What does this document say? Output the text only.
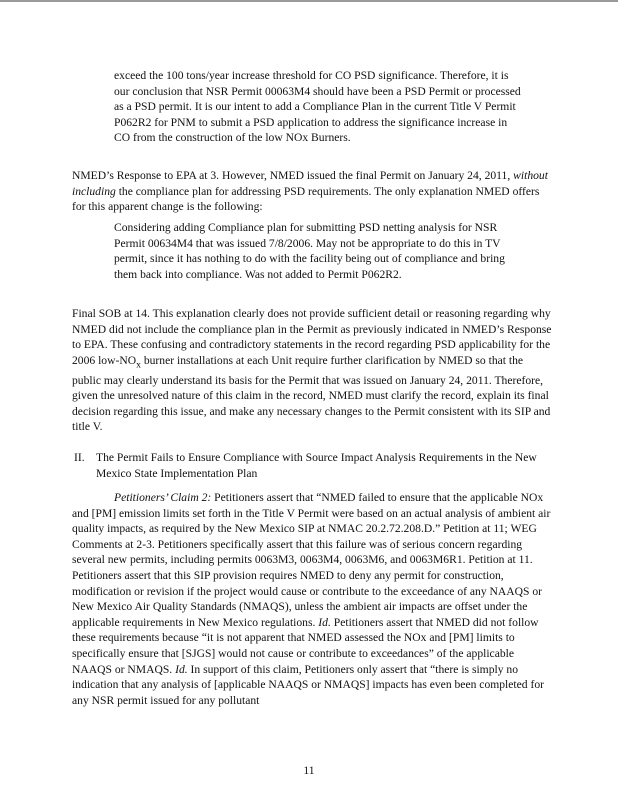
exceed the 100 tons/year increase threshold for CO PSD significance. Therefore, it is our conclusion that NSR Permit 00063M4 should have been a PSD Permit or processed as a PSD permit. It is our intent to add a Compliance Plan in the current Title V Permit P062R2 for PNM to submit a PSD application to address the significance increase in CO from the construction of the low NOx Burners.

NMED’s Response to EPA at 3. However, NMED issued the final Permit on January 24, 2011, without including the compliance plan for addressing PSD requirements. The only explanation NMED offers for this apparent change is the following:

Considering adding Compliance plan for submitting PSD netting analysis for NSR Permit 00634M4 that was issued 7/8/2006. May not be appropriate to do this in TV permit, since it has nothing to do with the facility being out of compliance and bring them back into compliance. Was not added to Permit P062R2.

Final SOB at 14. This explanation clearly does not provide sufficient detail or reasoning regarding why NMED did not include the compliance plan in the Permit as previously indicated in NMED’s Response to EPA. These confusing and contradictory statements in the record regarding PSD applicability for the 2006 low-$NO_x$ burner installations at each Unit require further clarification by NMED so that the public may clearly understand its basis for the Permit that was issued on January 24, 2011. Therefore, given the unresolved nature of this claim in the record, NMED must clarify the record, explain its final decision regarding this issue, and make any necessary changes to the Permit consistent with its SIP and title V.

II. The Permit Fails to Ensure Compliance with Source Impact Analysis Requirements in the New Mexico State Implementation Plan

Petitioners’ Claim 2: Petitioners assert that “NMED failed to ensure that the applicable NOx and [PM] emission limits set forth in the Title V Permit were based on an actual analysis of ambient air quality impacts, as required by the New Mexico SIP at NMAC 20.2.72.208.D.” Petition at 11; WEG Comments at 2-3. Petitioners specifically assert that this failure was of serious concern regarding several new permits, including permits 0063M3, 0063M4, 0063M6, and 0063M6R1. Petition at 11. Petitioners assert that this SIP provision requires NMED to deny any permit for construction, modification or revision if the project would cause or contribute to the exceedance of any NAAQS or New Mexico Air Quality Standards (NMAQS), unless the ambient air impacts are offset under the applicable requirements in New Mexico regulations. Id. Petitioners assert that NMED did not follow these requirements because “it is not apparent that NMED assessed the NOx and [PM] limits to specifically ensure that [SJGS] would not cause or contribute to exceedances” of the applicable NAAQS or NMAQS. Id. In support of this claim, Petitioners only assert that “there is simply no indication that any analysis of [applicable NAAQS or NMAQS] impacts has even been completed for any NSR permit issued for any pollutant

11
